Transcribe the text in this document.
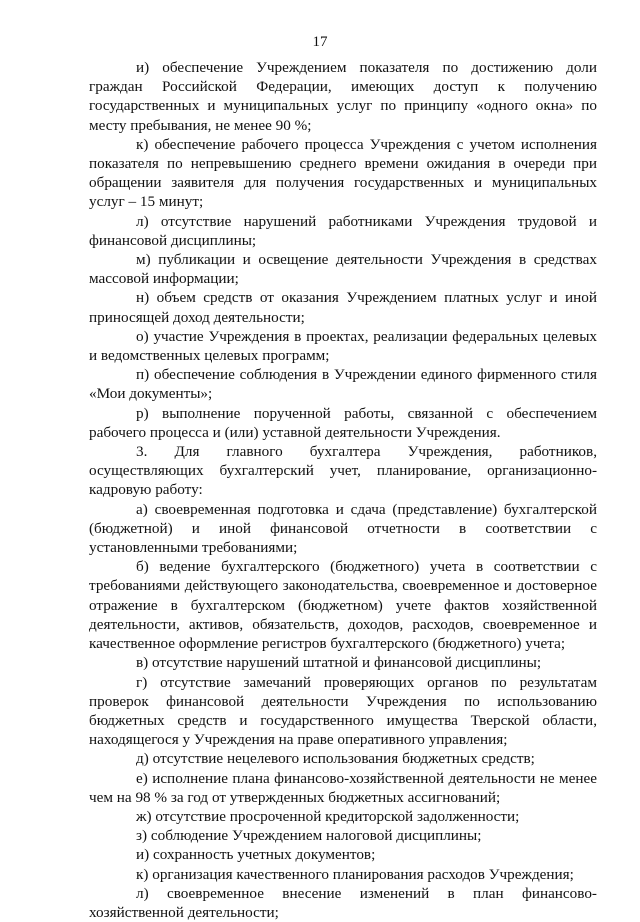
17

и) обеспечение Учреждением показателя по достижению доли граждан Российской Федерации, имеющих доступ к получению государственных и муниципальных услуг по принципу «одного окна» по месту пребывания, не менее 90 %;

к) обеспечение рабочего процесса Учреждения с учетом исполнения показателя по непревышению среднего времени ожидания в очереди при обращении заявителя для получения государственных и муниципальных услуг – 15 минут;

л) отсутствие нарушений работниками Учреждения трудовой и финансовой дисциплины;

м) публикации и освещение деятельности Учреждения в средствах массовой информации;

н) объем средств от оказания Учреждением платных услуг и иной приносящей доход деятельности;

о) участие Учреждения в проектах, реализации федеральных целевых и ведомственных целевых программ;

п) обеспечение соблюдения в Учреждении единого фирменного стиля «Мои документы»;

р) выполнение порученной работы, связанной с обеспечением рабочего процесса и (или) уставной деятельности Учреждения.

3. Для главного бухгалтера Учреждения, работников, осуществляющих бухгалтерский учет, планирование, организационно-кадровую работу:

а) своевременная подготовка и сдача (представление) бухгалтерской (бюджетной) и иной финансовой отчетности в соответствии с установленными требованиями;

б) ведение бухгалтерского (бюджетного) учета в соответствии с требованиями действующего законодательства, своевременное и достоверное отражение в бухгалтерском (бюджетном) учете фактов хозяйственной деятельности, активов, обязательств, доходов, расходов, своевременное и качественное оформление регистров бухгалтерского (бюджетного) учета;

в) отсутствие нарушений штатной и финансовой дисциплины;

г) отсутствие замечаний проверяющих органов по результатам проверок финансовой деятельности Учреждения по использованию бюджетных средств и государственного имущества Тверской области, находящегося у Учреждения на праве оперативного управления;

д) отсутствие нецелевого использования бюджетных средств;

е) исполнение плана финансово-хозяйственной деятельности не менее чем на 98 % за год от утвержденных бюджетных ассигнований;

ж) отсутствие просроченной кредиторской задолженности;

з) соблюдение Учреждением налоговой дисциплины;

и) сохранность учетных документов;

к) организация качественного планирования расходов Учреждения;

л) своевременное внесение изменений в план финансово-хозяйственной деятельности;
